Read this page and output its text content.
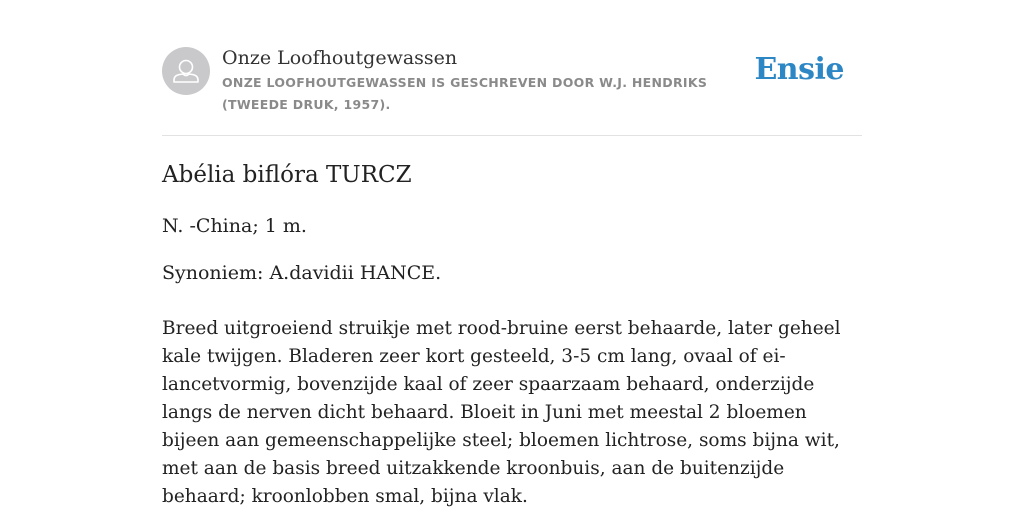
Onze Loofhoutgewassen
ONZE LOOFHOUTGEWASSEN IS GESCHREVEN DOOR W.J. HENDRIKS (TWEEDE DRUK, 1957).
Ensie
Abélia biflóra TURCZ
N. -China; 1 m.
Synoniem: A.davidii HANCE.

Breed uitgroeiend struikje met rood-bruine eerst behaarde, later geheel kale twijgen. Bladeren zeer kort gesteeld, 3-5 cm lang, ovaal of ei-lancetvormig, bovenzijde kaal of zeer spaarzaam behaard, onderzijde langs de nerven dicht behaard. Bloeit in Juni met meestal 2 bloemen bijeen aan gemeenschappelijke steel; bloemen lichtrose, soms bijna wit, met aan de basis breed uitzakkende kroonbuis, aan de buitenzijde behaard; kroonlobben smal, bijna vlak.
